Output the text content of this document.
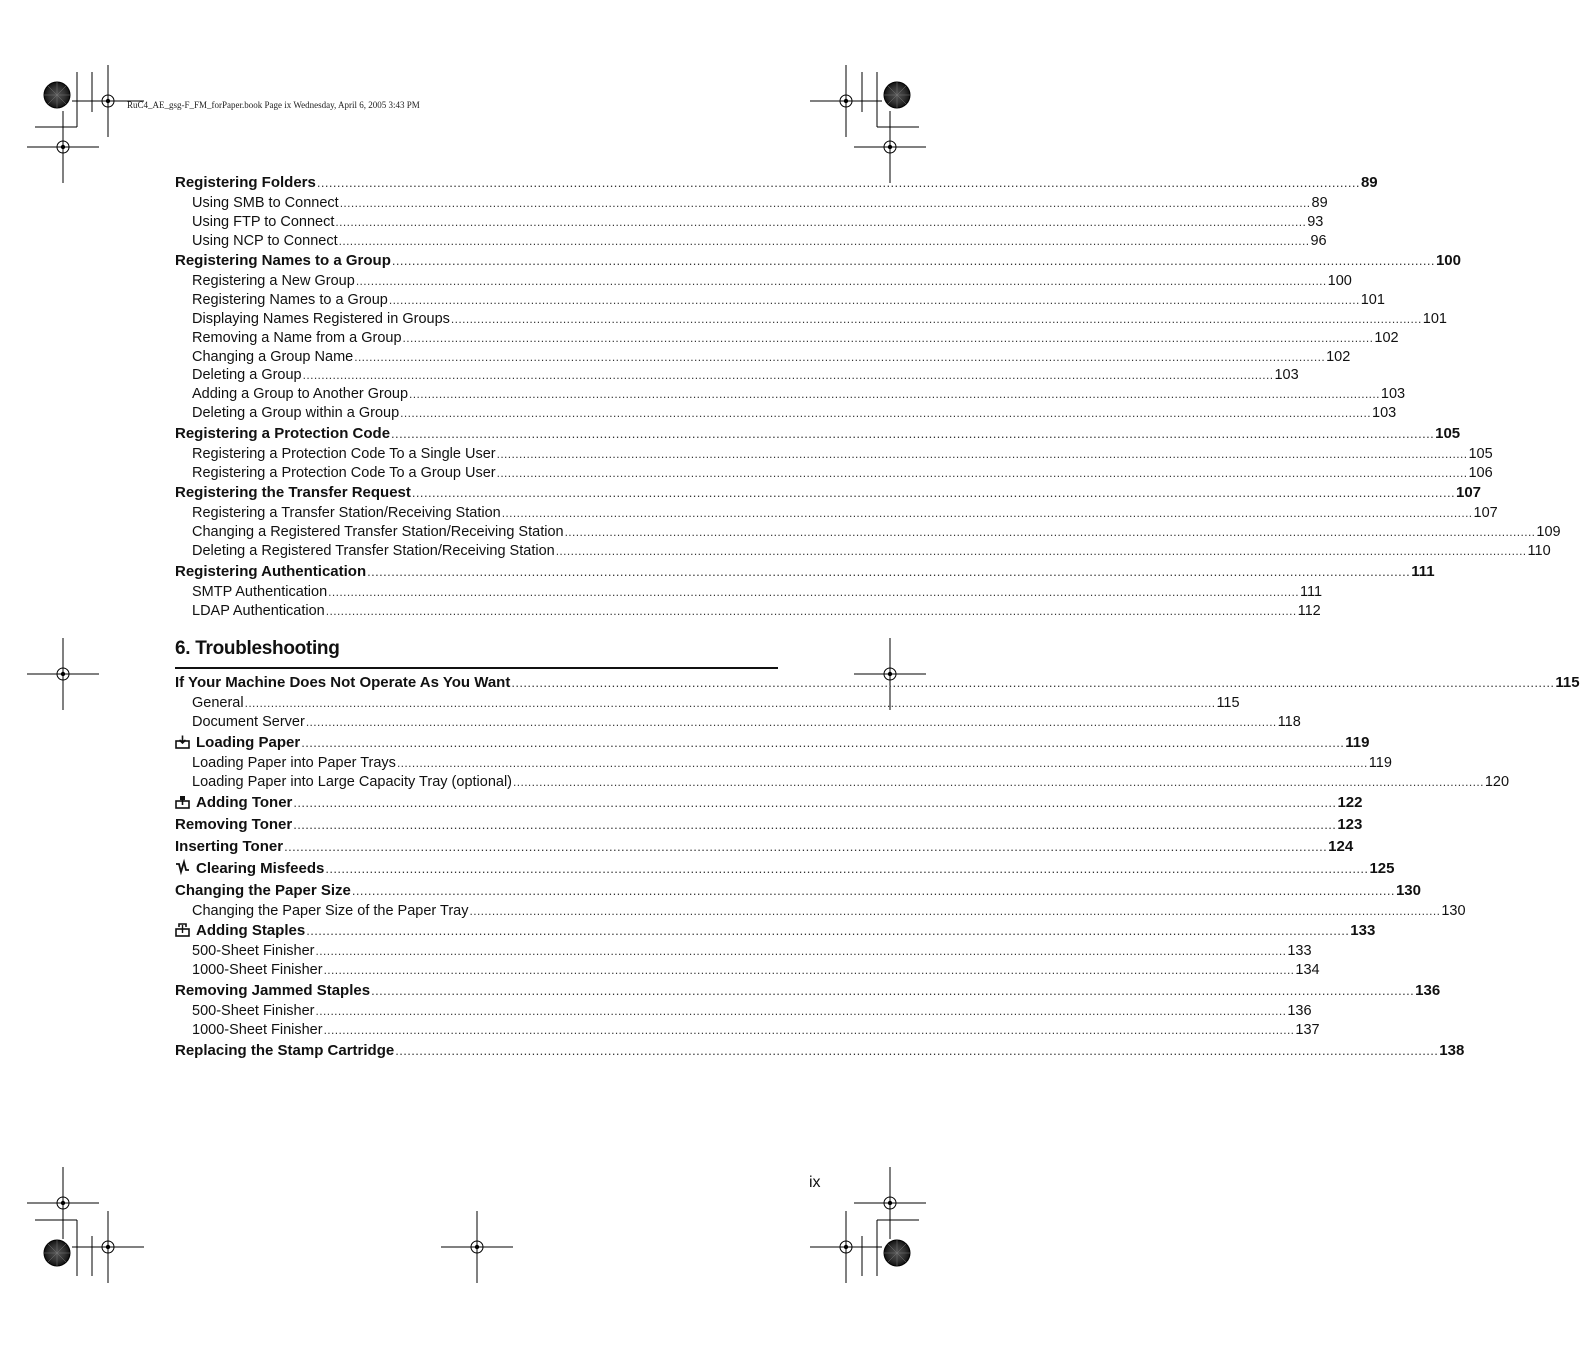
RuC4_AE_gsg-F_FM_forPaper.book Page ix Wednesday, April 6, 2005 3:43 PM
Registering Folders .................................................................................................................................................................................................................................................................... 89
Using SMB to Connect .................................................................................................................................................................................................................................................................... 89
Using FTP to Connect .................................................................................................................................................................................................................................................................... 93
Using NCP to Connect .................................................................................................................................................................................................................................................................... 96
Registering Names to a Group .................................................................................................................................................................................................................................................................... 100
Registering a New Group .................................................................................................................................................................................................................................................................... 100
Registering Names to a Group .................................................................................................................................................................................................................................................................... 101
Displaying Names Registered in Groups .................................................................................................................................................................................................................................................................... 101
Removing a Name from a Group .................................................................................................................................................................................................................................................................... 102
Changing a Group Name .................................................................................................................................................................................................................................................................... 102
Deleting a Group .................................................................................................................................................................................................................................................................... 103
Adding a Group to Another Group .................................................................................................................................................................................................................................................................... 103
Deleting a Group within a Group .................................................................................................................................................................................................................................................................... 103
Registering a Protection Code .................................................................................................................................................................................................................................................................... 105
Registering a Protection Code To a Single User .................................................................................................................................................................................................................................................................... 105
Registering a Protection Code To a Group User .................................................................................................................................................................................................................................................................... 106
Registering the Transfer Request .................................................................................................................................................................................................................................................................... 107
Registering a Transfer Station/Receiving Station .................................................................................................................................................................................................................................................................... 107
Changing a Registered Transfer Station/Receiving Station .................................................................................................................................................................................................................................................................... 109
Deleting a Registered Transfer Station/Receiving Station .................................................................................................................................................................................................................................................................... 110
Registering Authentication .................................................................................................................................................................................................................................................................... 111
SMTP Authentication .................................................................................................................................................................................................................................................................... 111
LDAP Authentication .................................................................................................................................................................................................................................................................... 112
6. Troubleshooting
If Your Machine Does Not Operate As You Want .................................................................................................................................................................................................................................................................... 115
General .................................................................................................................................................................................................................................................................... 115
Document Server .................................................................................................................................................................................................................................................................... 118
Loading Paper .................................................................................................................................................................................................................................................................... 119
Loading Paper into Paper Trays .................................................................................................................................................................................................................................................................... 119
Loading Paper into Large Capacity Tray (optional) .................................................................................................................................................................................................................................................................... 120
Adding Toner .................................................................................................................................................................................................................................................................... 122
Removing Toner .................................................................................................................................................................................................................................................................... 123
Inserting Toner .................................................................................................................................................................................................................................................................... 124
Clearing Misfeeds .................................................................................................................................................................................................................................................................... 125
Changing the Paper Size .................................................................................................................................................................................................................................................................... 130
Changing the Paper Size of the Paper Tray .................................................................................................................................................................................................................................................................... 130
Adding Staples .................................................................................................................................................................................................................................................................... 133
500-Sheet Finisher .................................................................................................................................................................................................................................................................... 133
1000-Sheet Finisher .................................................................................................................................................................................................................................................................... 134
Removing Jammed Staples .................................................................................................................................................................................................................................................................... 136
500-Sheet Finisher .................................................................................................................................................................................................................................................................... 136
1000-Sheet Finisher .................................................................................................................................................................................................................................................................... 137
Replacing the Stamp Cartridge .................................................................................................................................................................................................................................................................... 138
ix
